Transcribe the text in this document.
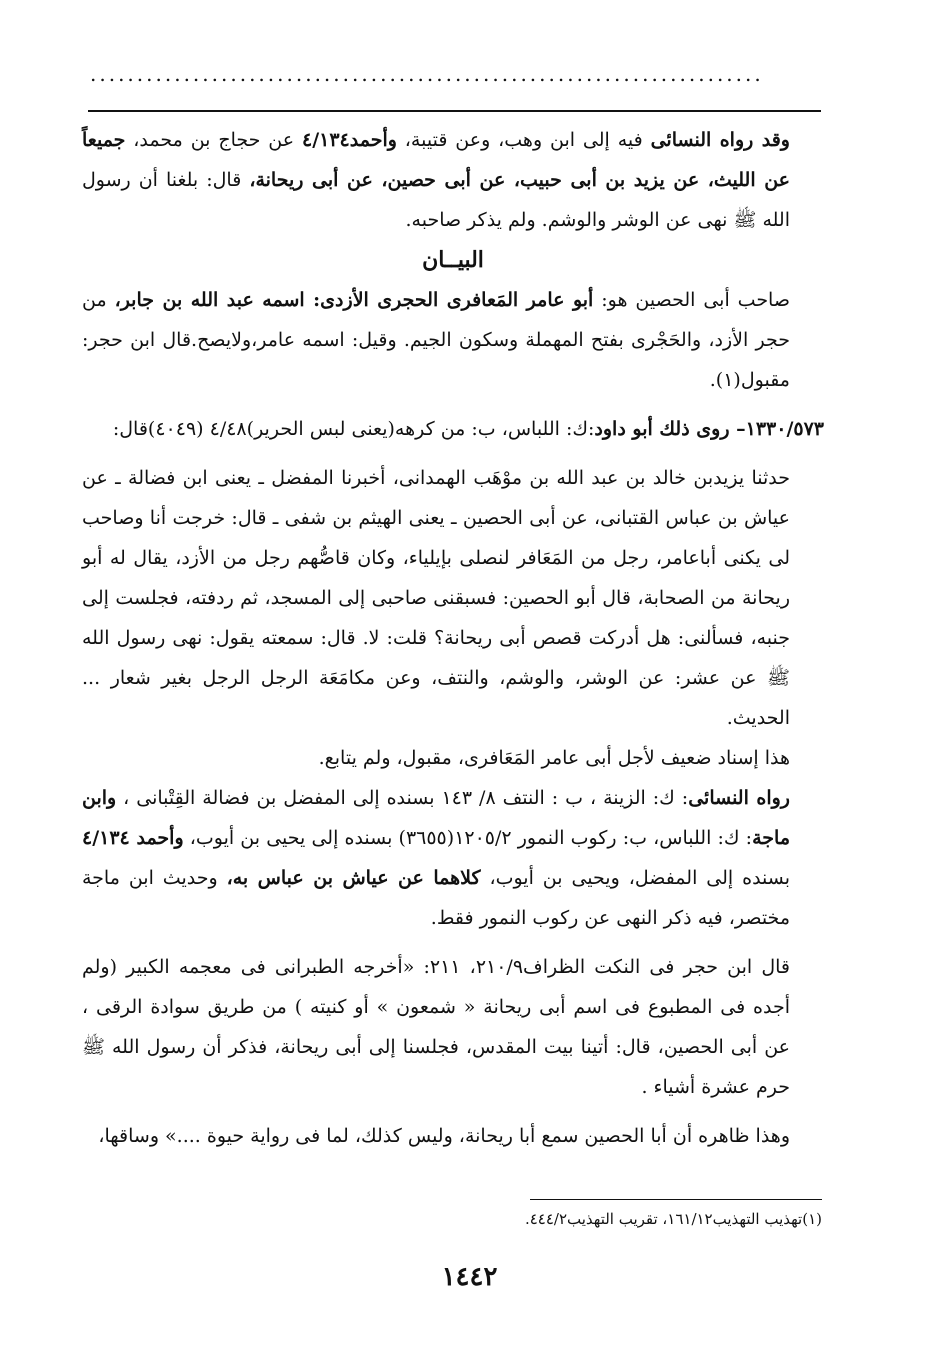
........................................................................

وقد رواه النسائى فيه إلى ابن وهب، وعن قتيبة، وأحمد٤/١٣٤ عن حجاج بن محمد، جميعاً عن الليث، عن يزيد بن أبى حبيب، عن أبى حصين، عن أبى ريحانة، قال: بلغنا أن رسول الله ﷺ نهى عن الوشر والوشم. ولم يذكر صاحبه.

البيــان

صاحب أبى الحصين هو: أبو عامر المَعافرى الحجرى الأزدى: اسمه عبد الله بن جابر، من حجر الأزد، والحَجْرى بفتح المهملة وسكون الجيم. وقيل: اسمه عامر،ولايصح.قال ابن حجر: مقبول(١).

١٣٣٠/٥٧٣– روى ذلك أبو داود:ك: اللباس، ب: من كرهه(يعنى لبس الحرير)٤/٤٨ (٤٠٤٩)قال:

حدثنا يزيدبن خالد بن عبد الله بن موْهَب الهمدانى، أخبرنا المفضل ـ يعنى ابن فضالة ـ عن عياش بن عباس القتبانى، عن أبى الحصين ـ يعنى الهيثم بن شفى ـ قال: خرجت أنا وصاحب لى يكنى أباعامر، رجل من المَعَافر لنصلى بإيلياء، وكان قاصُّهم رجل من الأزد، يقال له أبو ريحانة من الصحابة، قال أبو الحصين: فسبقنى صاحبى إلى المسجد، ثم ردفته، فجلست إلى جنبه، فسألنى: هل أدركت قصص أبى ريحانة؟ قلت: لا. قال: سمعته يقول: نهى رسول الله ﷺ عن عشر: عن الوشر، والوشم، والنتف، وعن مكامَعَة الرجل الرجل بغير شعار ... الحديث.

هذا إسناد ضعيف لأجل أبى عامر المَعَافرى، مقبول، ولم يتابع.

رواه النسائى: ك: الزينة ، ب : النتف ٨/ ١٤٣ بسنده إلى المفضل بن فضالة القِتْبانى ، وابن ماجة: ك: اللباس، ب: ركوب النمور ١٢٠٥/٢(٣٦٥٥) بسنده إلى يحيى بن أيوب، وأحمد ٤/١٣٤ بسنده إلى المفضل، ويحيى بن أيوب، كلاهما عن عياش بن عباس به، وحديث ابن ماجة مختصر، فيه ذكر النهى عن ركوب النمور فقط.

قال ابن حجر فى النكت الظراف٢١٠/٩، ٢١١: «أخرجه الطبرانى فى معجمه الكبير (ولم أجده فى المطبوع فى اسم أبى ريحانة « شمعون » أو كنيته ) من طريق سوادة الرقى ، عن أبى الحصين، قال: أتينا بيت المقدس، فجلسنا إلى أبى ريحانة، فذكر أن رسول الله ﷺ حرم عشرة أشياء .

وهذا ظاهره أن أبا الحصين سمع أبا ريحانة، وليس كذلك، لما فى رواية حيوة ....» وساقها،

(١)تهذيب التهذيب١٦١/١٢، تقريب التهذيب٤٤٤/٢.
١٤٤٢
